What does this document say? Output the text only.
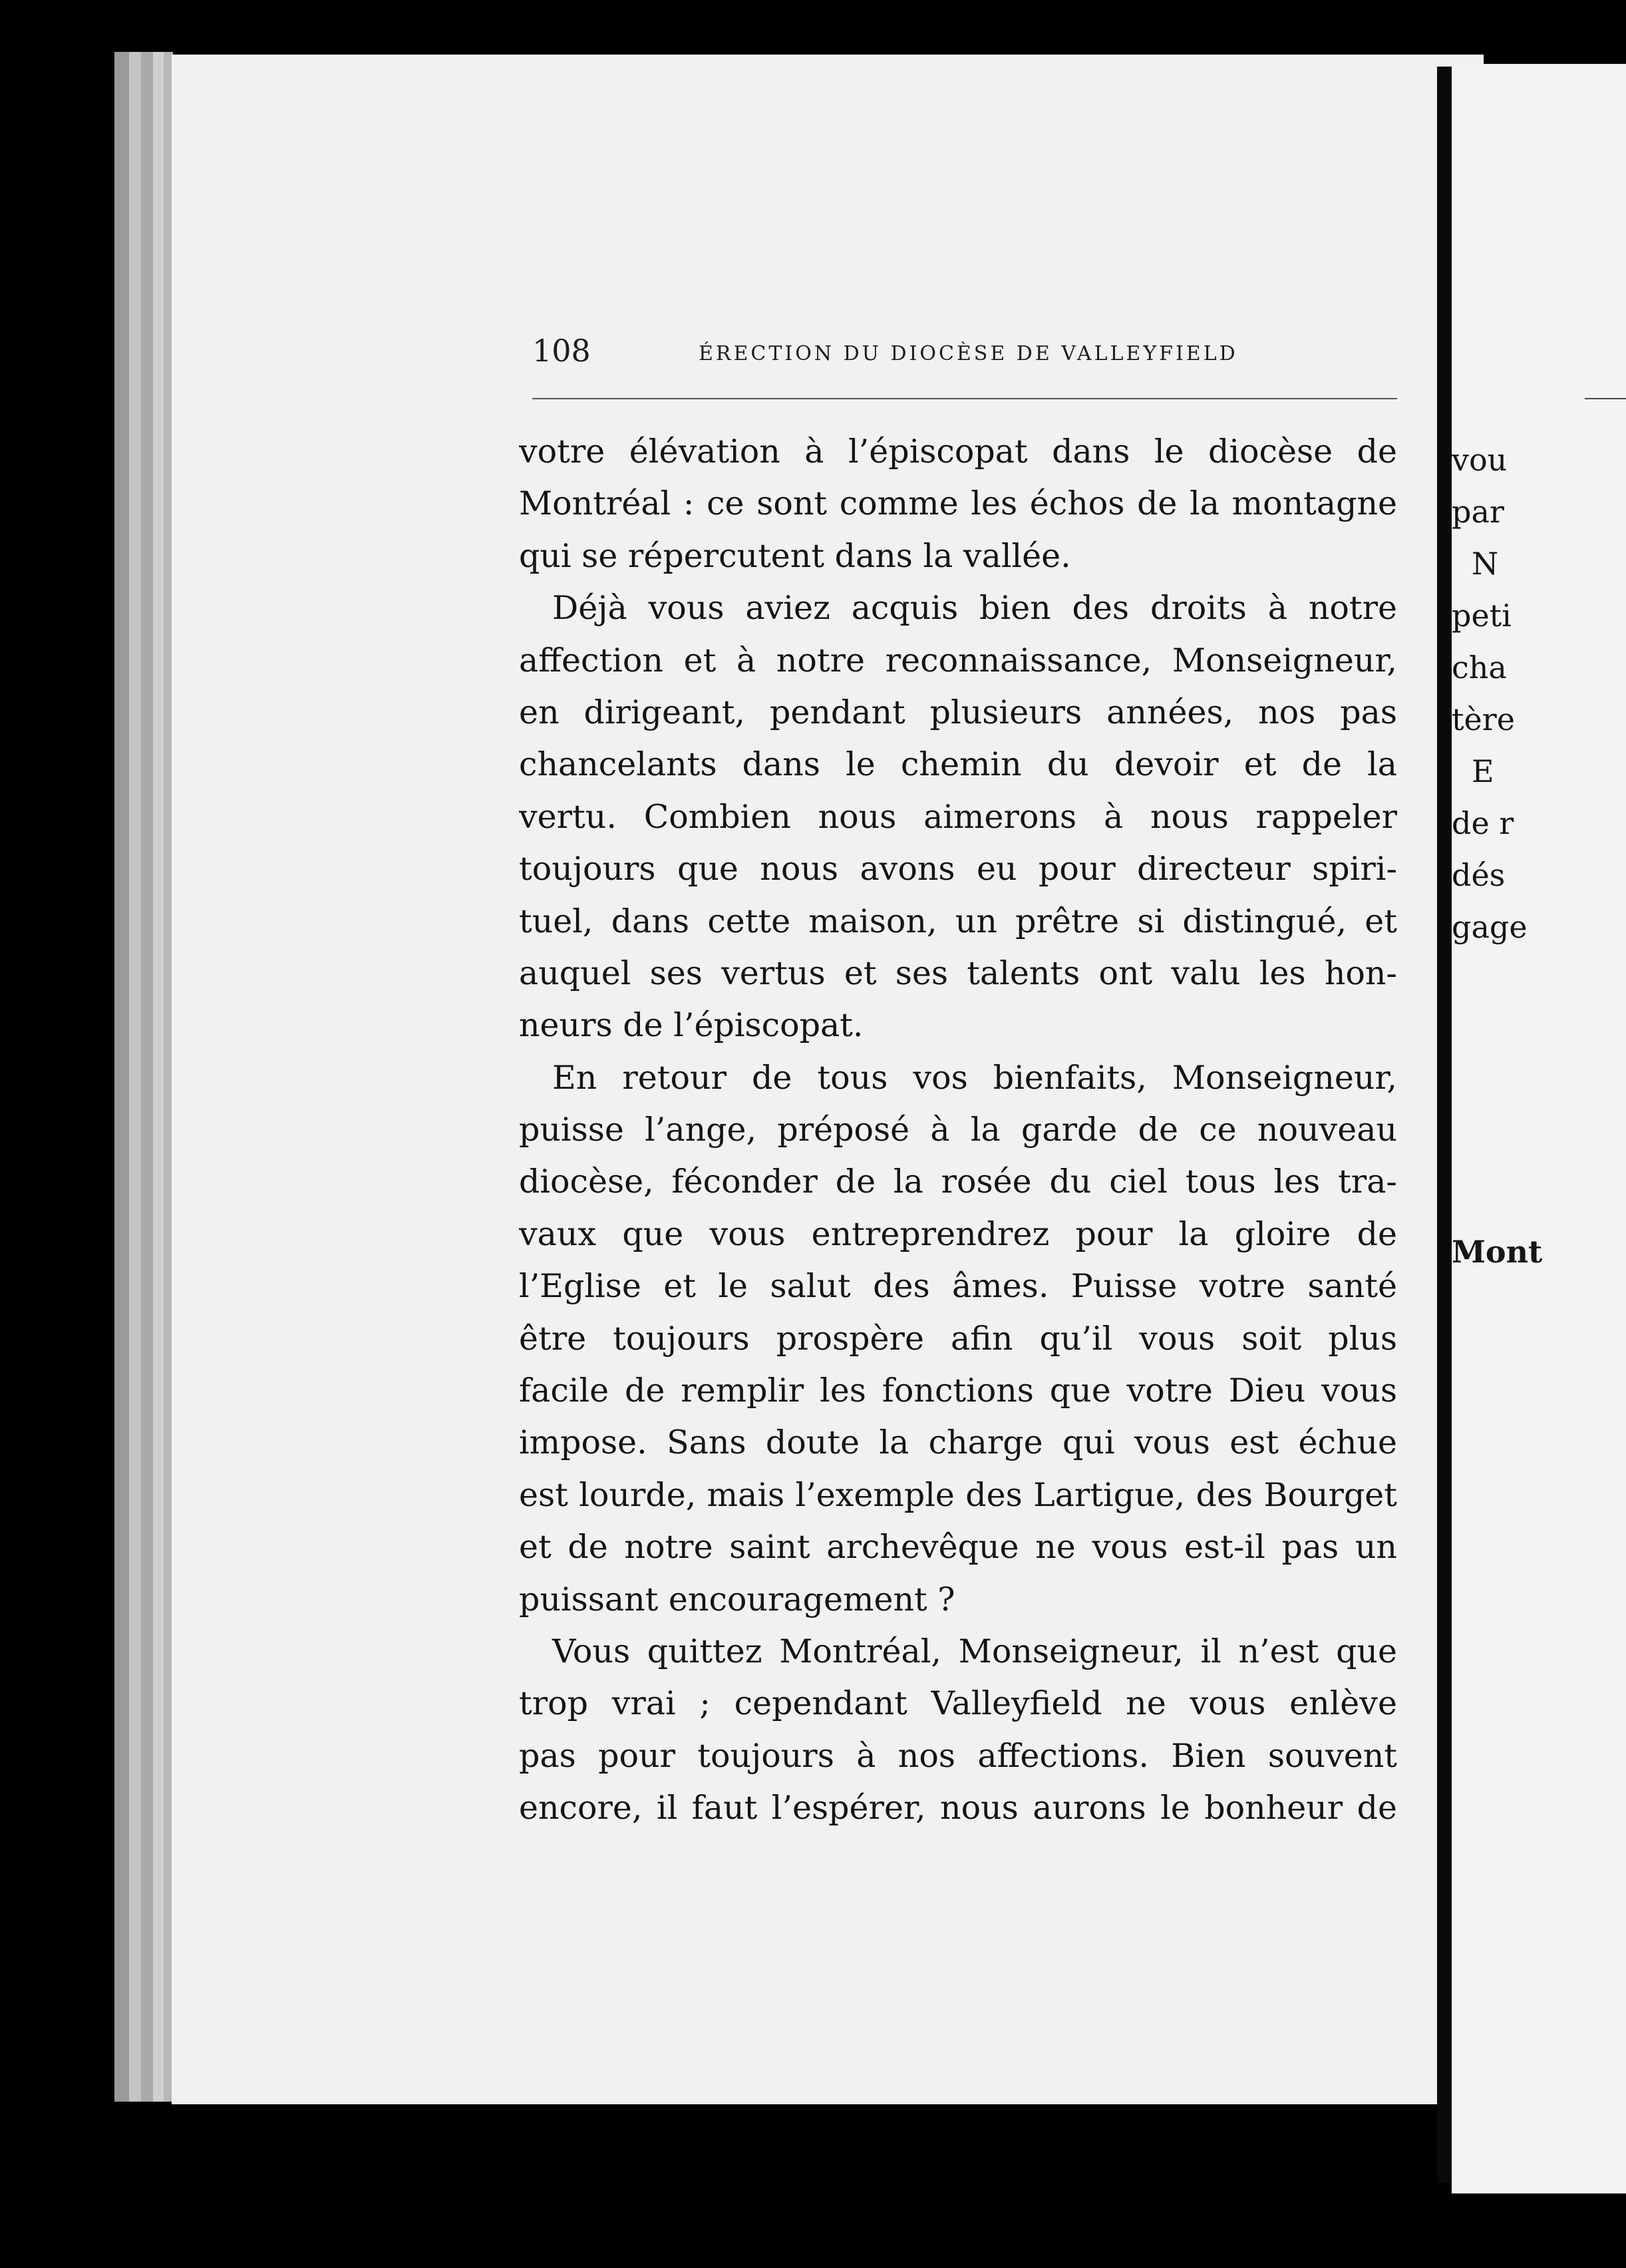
108	ÉRECTION DU DIOCÈSE DE VALLEYFIELD
votre élévation à l’épiscopat dans le diocèse de
Montréal : ce sont comme les échos de la montagne
qui se répercutent dans la vallée.
Déjà vous aviez acquis bien des droits à notre
affection et à notre reconnaissance, Monseigneur,
en dirigeant, pendant plusieurs années, nos pas
chancelants dans le chemin du devoir et de la
vertu. Combien nous aimerons à nous rappeler
toujours que nous avons eu pour directeur spiri-
tuel, dans cette maison, un prêtre si distingué, et
auquel ses vertus et ses talents ont valu les hon-
neurs de l’épiscopat.
En retour de tous vos bienfaits, Monseigneur,
puisse l’ange, préposé à la garde de ce nouveau
diocèse, féconder de la rosée du ciel tous les tra-
vaux que vous entreprendrez pour la gloire de
l’Eglise et le salut des âmes. Puisse votre santé
être toujours prospère afin qu’il vous soit plus
facile de remplir les fonctions que votre Dieu vous
impose. Sans doute la charge qui vous est échue
est lourde, mais l’exemple des Lartigue, des Bourget
et de notre saint archevêque ne vous est-il pas un
puissant encouragement ?
Vous quittez Montréal, Monseigneur, il n’est que
trop vrai ; cependant Valleyfield ne vous enlève
pas pour toujours à nos affections. Bien souvent
encore, il faut l’espérer, nous aurons le bonheur de
vou
par
N
peti
cha
tère
E
de r
dés
gage
Mont
